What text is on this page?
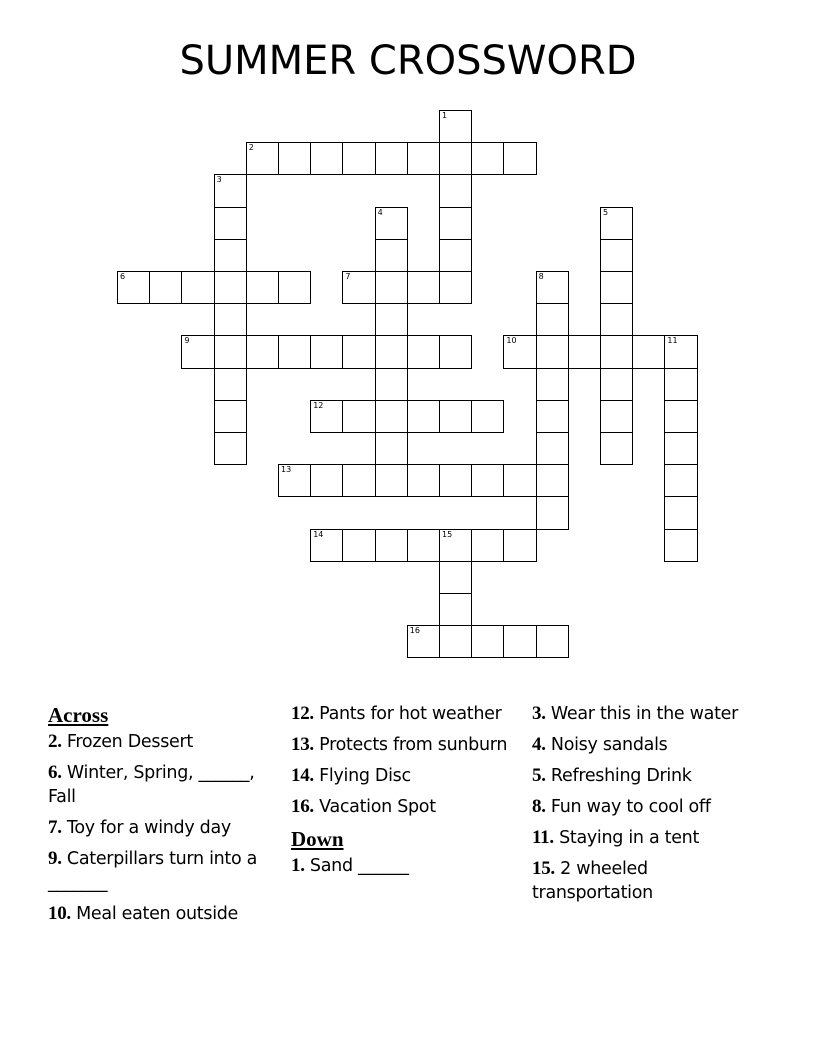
SUMMER CROSSWORD
1
2
3
4	5
6	7	8
9	10	11
12
13
14	15
16
Across
2. Frozen Dessert
6. Winter, Spring, ______, Fall
7. Toy for a windy day
9. Caterpillars turn into a _______
10. Meal eaten outside
12. Pants for hot weather
13. Protects from sunburn
14. Flying Disc
16. Vacation Spot
Down
1. Sand ______
3. Wear this in the water
4. Noisy sandals
5. Refreshing Drink
8. Fun way to cool off
11. Staying in a tent
15. 2 wheeled transportation
